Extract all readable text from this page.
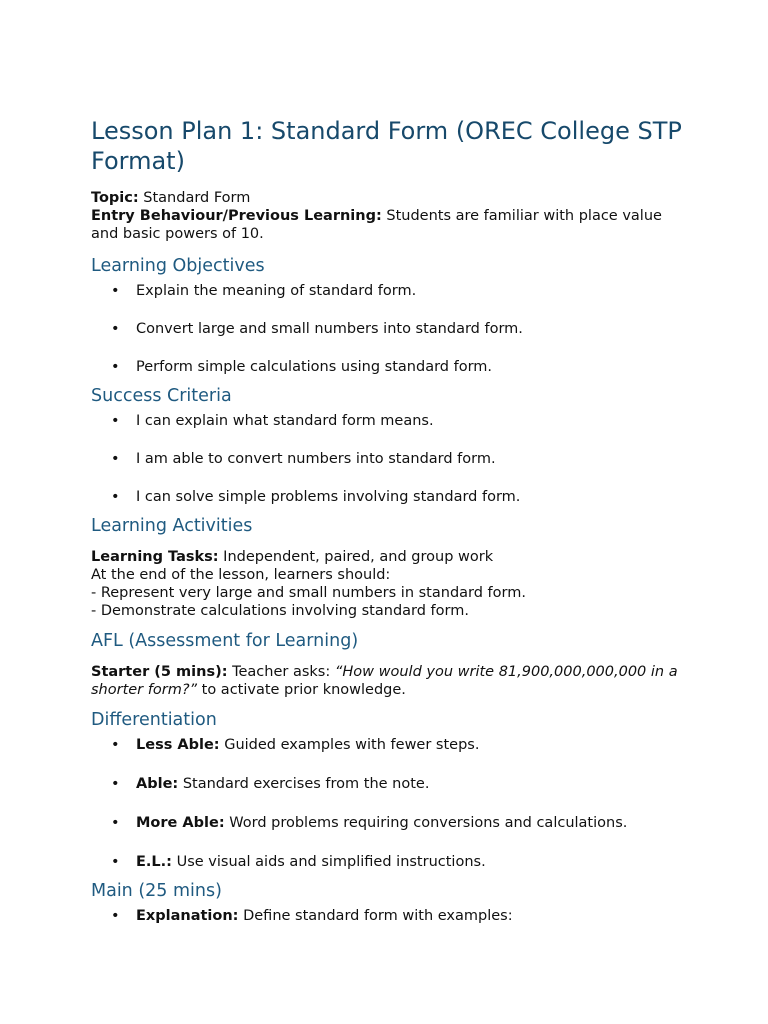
Lesson Plan 1: Standard Form (OREC College STP Format)

Topic: Standard Form

Entry Behaviour/Previous Learning: Students are familiar with place value and basic powers of 10.

Learning Objectives
• Explain the meaning of standard form.
• Convert large and small numbers into standard form.
• Perform simple calculations using standard form.
Success Criteria
• I can explain what standard form means.
• I am able to convert numbers into standard form.
• I can solve simple problems involving standard form.
Learning Activities

Learning Tasks: Independent, paired, and group work

At the end of the lesson, learners should:

- Represent very large and small numbers in standard form.

- Demonstrate calculations involving standard form.

AFL (Assessment for Learning)

Starter (5 mins): Teacher asks: “How would you write 81,900,000,000,000 in a shorter form?” to activate prior knowledge.

Differentiation
• Less Able: Guided examples with fewer steps.
• Able: Standard exercises from the note.
• More Able: Word problems requiring conversions and calculations.
• E.L.: Use visual aids and simplified instructions.
Main (25 mins)
• Explanation: Define standard form with examples:
